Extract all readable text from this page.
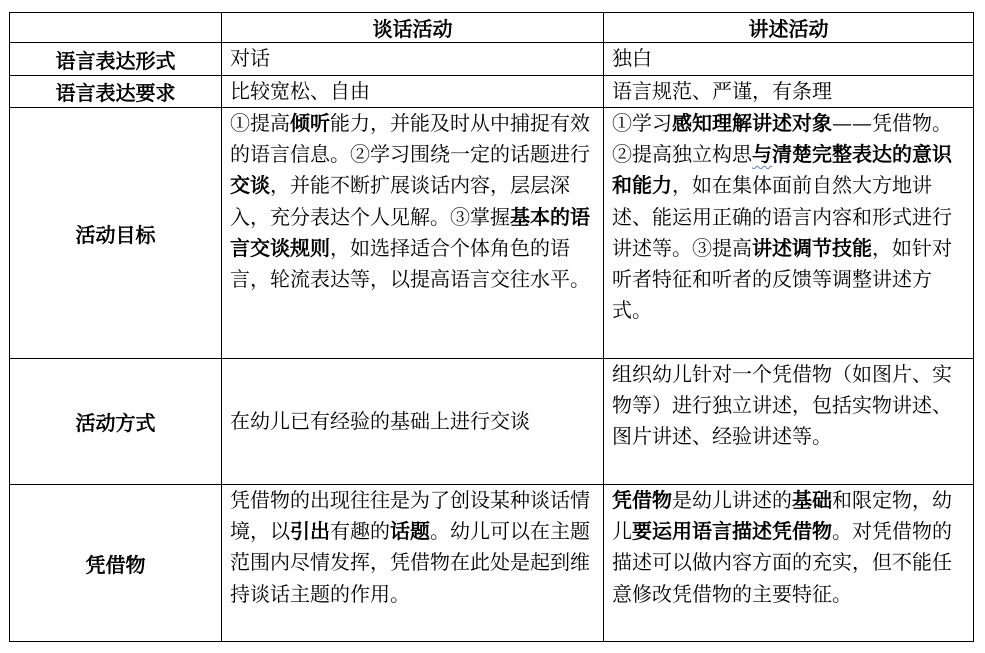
	谈话活动	讲述活动
语言表达形式	对话	独白
语言表达要求	比较宽松、自由	语言规范、严谨，有条理
活动目标	①提高倾听能力，并能及时从中捕捉有效的语言信息。②学习围绕一定的话题进行交谈，并能不断扩展谈话内容，层层深入，充分表达个人见解。③掌握基本的语言交谈规则，如选择适合个体角色的语言，轮流表达等，以提高语言交往水平。	①学习感知理解讲述对象——凭借物。②提高独立构思与清楚完整表达的意识和能力，如在集体面前自然大方地讲述、能运用正确的语言内容和形式进行讲述等。③提高讲述调节技能，如针对听者特征和听者的反馈等调整讲述方式。
活动方式	在幼儿已有经验的基础上进行交谈	组织幼儿针对一个凭借物（如图片、实物等）进行独立讲述，包括实物讲述、图片讲述、经验讲述等。
凭借物	凭借物的出现往往是为了创设某种谈话情境，以引出有趣的话题。幼儿可以在主题范围内尽情发挥，凭借物在此处是起到维持谈话主题的作用。	凭借物是幼儿讲述的基础和限定物，幼儿要运用语言描述凭借物。对凭借物的描述可以做内容方面的充实，但不能任意修改凭借物的主要特征。
